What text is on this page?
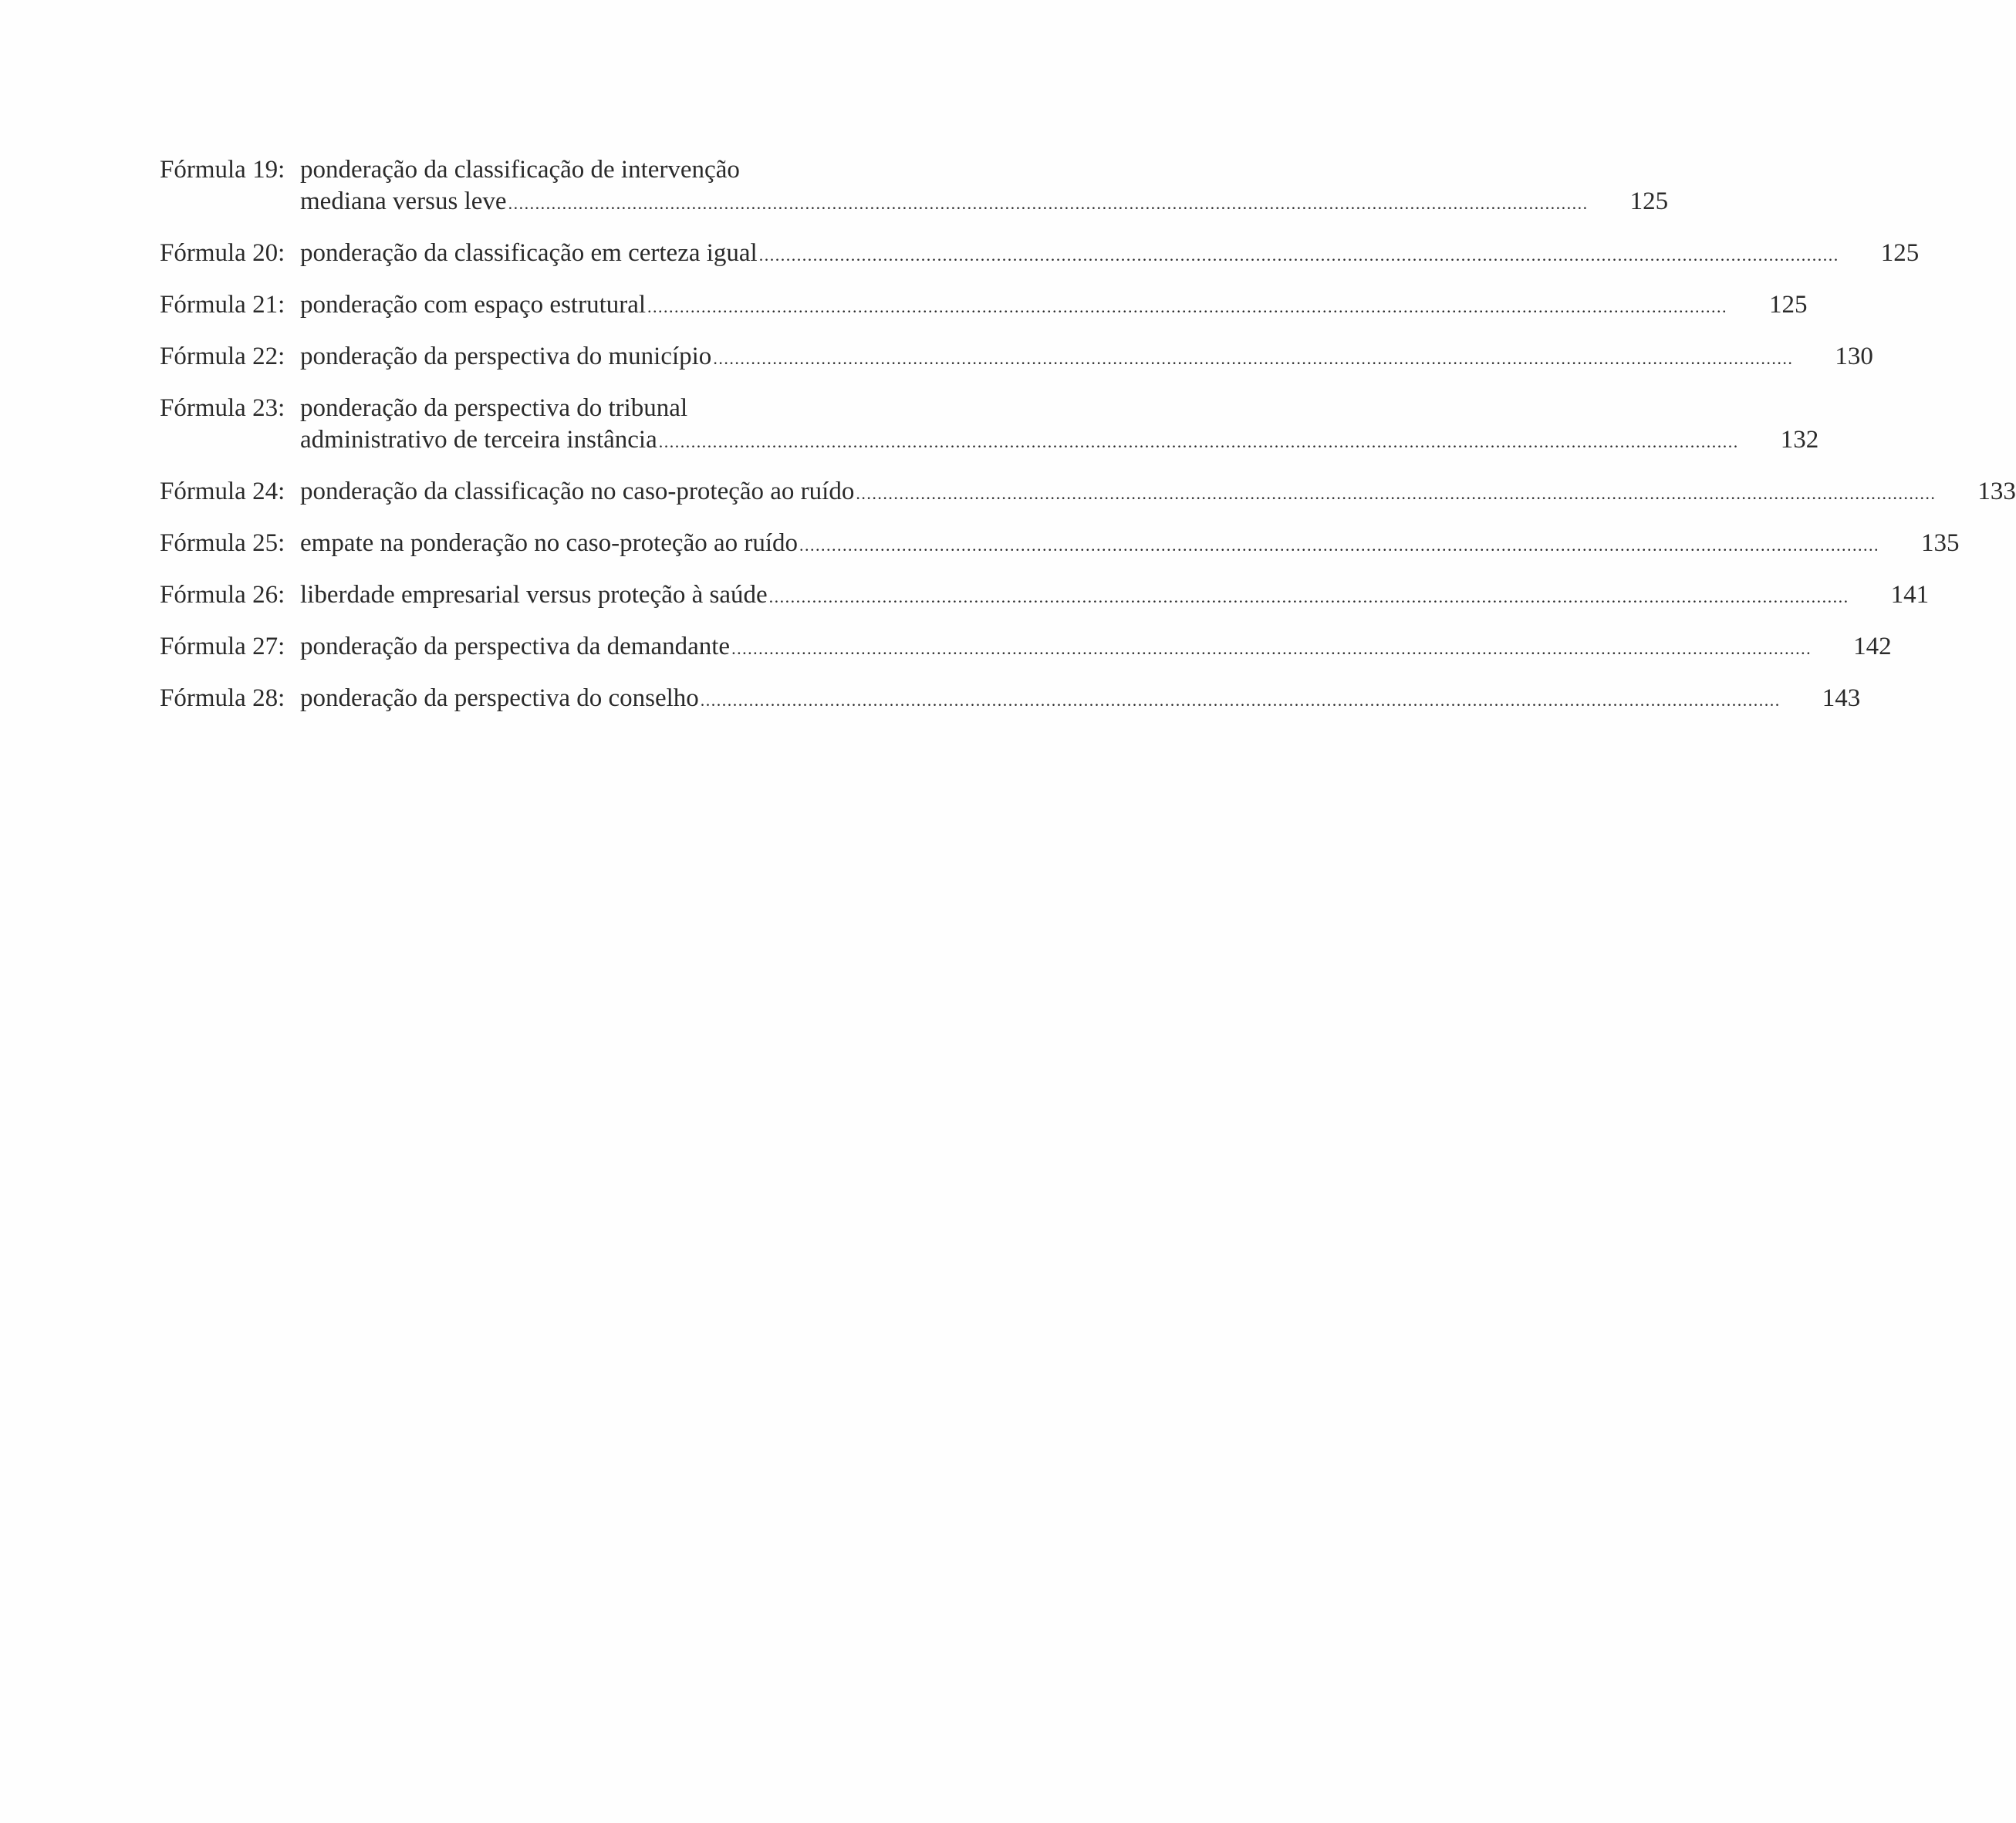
Fórmula 19: ponderação da classificação de intervenção
mediana versus leve ........................................................................................................................................................................................................ 125
Fórmula 20: ponderação da classificação em certeza igual ........................................................................................................................................................................................................ 125
Fórmula 21: ponderação com espaço estrutural ........................................................................................................................................................................................................ 125
Fórmula 22: ponderação da perspectiva do município ........................................................................................................................................................................................................ 130
Fórmula 23: ponderação da perspectiva do tribunal
administrativo de terceira instância ........................................................................................................................................................................................................ 132
Fórmula 24: ponderação da classificação no caso-proteção ao ruído ........................................................................................................................................................................................................ 133
Fórmula 25: empate na ponderação no caso-proteção ao ruído ........................................................................................................................................................................................................ 135
Fórmula 26: liberdade empresarial versus proteção à saúde ........................................................................................................................................................................................................ 141
Fórmula 27: ponderação da perspectiva da demandante ........................................................................................................................................................................................................ 142
Fórmula 28: ponderação da perspectiva do conselho ........................................................................................................................................................................................................ 143
